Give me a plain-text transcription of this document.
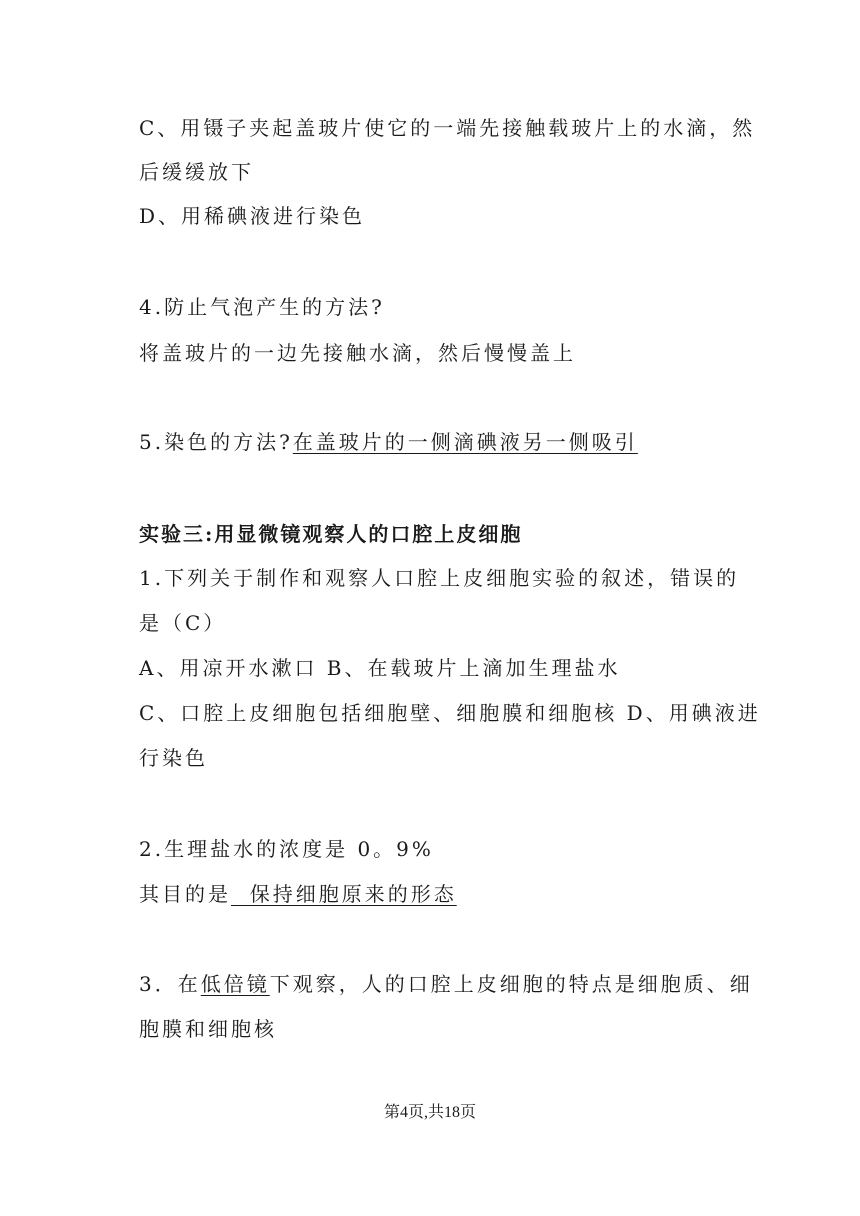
C、用镊子夹起盖玻片使它的一端先接触载玻片上的水滴，然
后缓缓放下
D、用稀碘液进行染色
4.防止气泡产生的方法?
将盖玻片的一边先接触水滴，然后慢慢盖上
5.染色的方法?在盖玻片的一侧滴碘液另一侧吸引
实验三:用显微镜观察人的口腔上皮细胞
1.下列关于制作和观察人口腔上皮细胞实验的叙述，错误的
是（C）
A、用凉开水漱口 B、在载玻片上滴加生理盐水
C、口腔上皮细胞包括细胞壁、细胞膜和细胞核 D、用碘液进
行染色
2.生理盐水的浓度是 0。9%
其目的是  保持细胞原来的形态
3．在低倍镜下观察，人的口腔上皮细胞的特点是细胞质、细
胞膜和细胞核
第4页,共18页
